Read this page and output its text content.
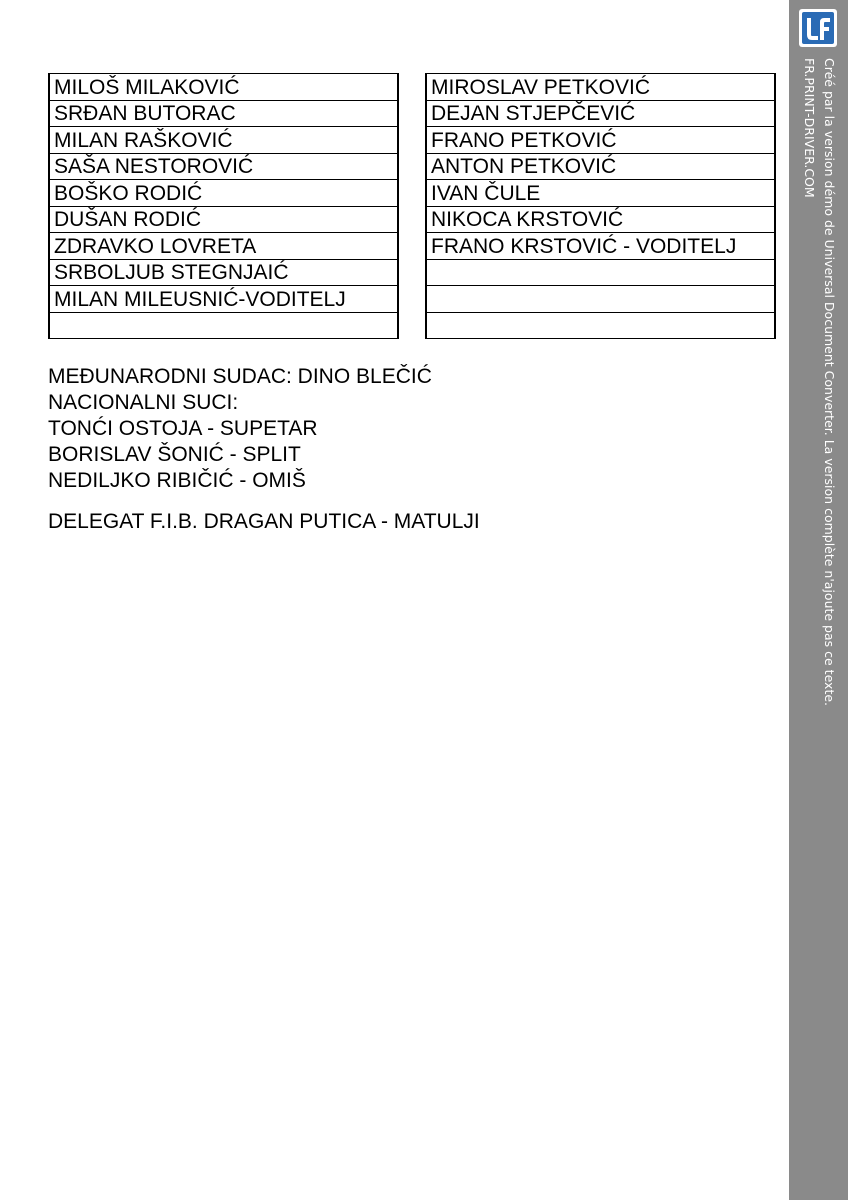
MILOŠ MILAKOVIĆ
SRĐAN BUTORAC
MILAN RAŠKOVIĆ
SAŠA NESTOROVIĆ
BOŠKO RODIĆ
DUŠAN RODIĆ
ZDRAVKO LOVRETA
SRBOLJUB STEGNJAIĆ
MILAN MILEUSNIĆ-VODITELJ

MIROSLAV PETKOVIĆ
DEJAN STJEPČEVIĆ
FRANO PETKOVIĆ
ANTON PETKOVIĆ
IVAN ČULE
NIKOCA KRSTOVIĆ
FRANO KRSTOVIĆ - VODITELJ

MEĐUNARODNI SUDAC: DINO BLEČIĆ
NACIONALNI SUCI:
TONĆI OSTOJA - SUPETAR
BORISLAV ŠONIĆ - SPLIT
NEDILJKO RIBIČIĆ - OMIŠ
DELEGAT F.I.B. DRAGAN PUTICA - MATULJI	Créé par la version démo de Universal Document Converter. La version complète n'ajoute pas ce texte.
FR.PRINT-DRIVER.COM
